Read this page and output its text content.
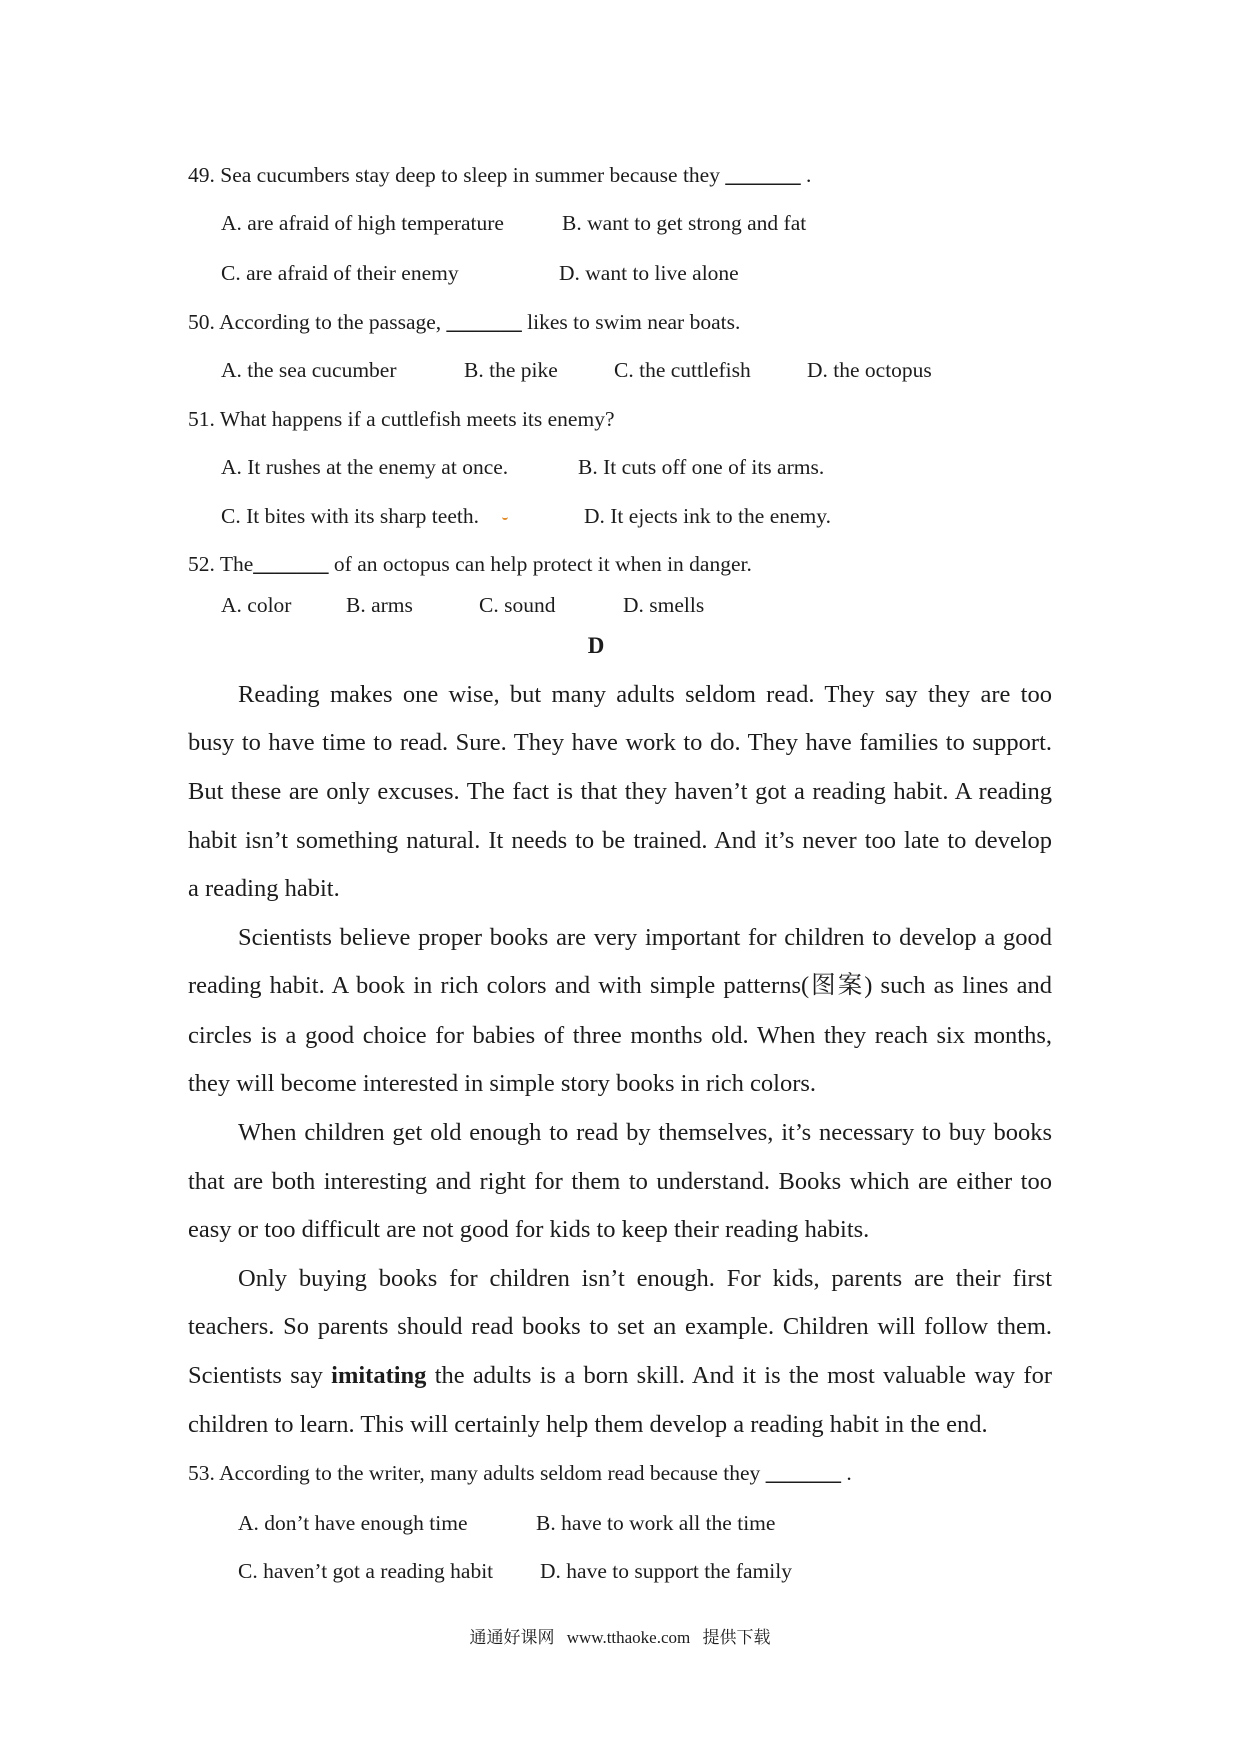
49. Sea cucumbers stay deep to sleep in summer because they _______ .
A. are afraid of high temperature	B. want to get strong and fat
C. are afraid of their enemy	D. want to live alone
50. According to the passage, _______ likes to swim near boats.
A. the sea cucumber	B. the pike	C. the cuttlefish	D. the octopus
51. What happens if a cuttlefish meets its enemy?
A. It rushes at the enemy at once.	B. It cuts off one of its arms.
C. It bites with its sharp teeth.	D. It ejects ink to the enemy.
52. The_______ of an octopus can help protect it when in danger.
A. color	B. arms	C. sound	D. smells
D
Reading makes one wise, but many adults seldom read. They say they are too
busy to have time to read. Sure. They have work to do. They have families to support.
But these are only excuses. The fact is that they haven’t got a reading habit. A reading
habit isn’t something natural. It needs to be trained. And it’s never too late to develop
a reading habit.
Scientists believe proper books are very important for children to develop a good
reading habit. A book in rich colors and with simple patterns(图案) such as lines and
circles is a good choice for babies of three months old. When they reach six months,
they will become interested in simple story books in rich colors.
When children get old enough to read by themselves, it’s necessary to buy books
that are both interesting and right for them to understand. Books which are either too
easy or too difficult are not good for kids to keep their reading habits.
Only buying books for children isn’t enough. For kids, parents are their first
teachers. So parents should read books to set an example. Children will follow them.
Scientists say imitating the adults is a born skill. And it is the most valuable way for
children to learn. This will certainly help them develop a reading habit in the end.
53. According to the writer, many adults seldom read because they _______ .
A. don’t have enough time	B. have to work all the time
C. haven’t got a reading habit D. have to support the family
通通好课网 www.tthaoke.com 提供下载
